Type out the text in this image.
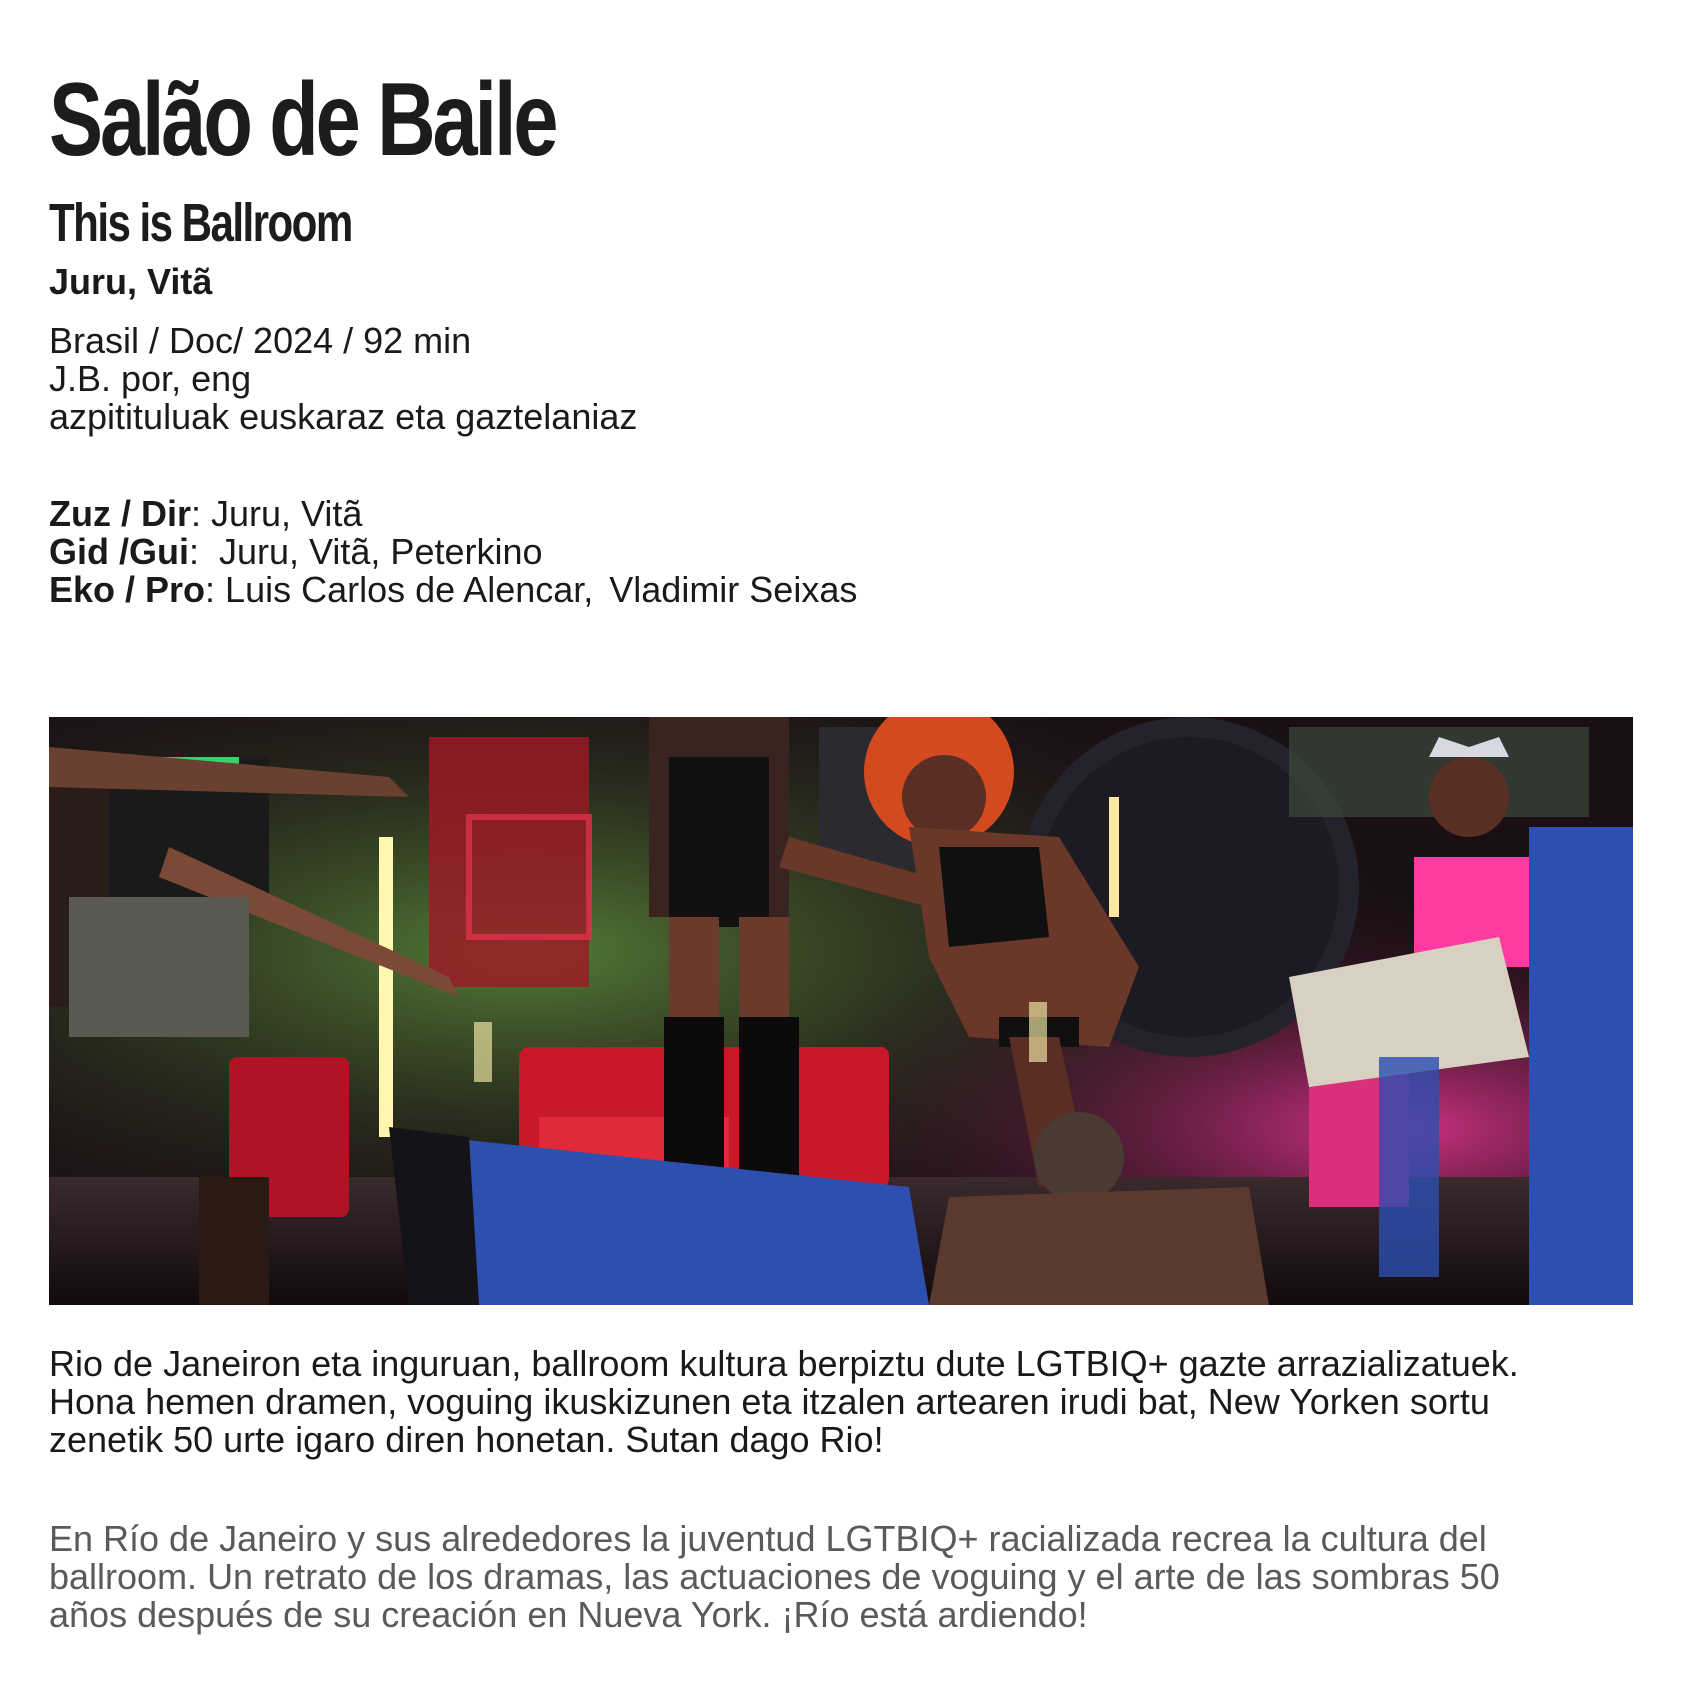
Salão de Baile
This is Ballroom
Juru, Vitã
Brasil / Doc/ 2024 / 92 min
J.B. por, eng
azpitituluak euskaraz eta gaztelaniaz
Zuz / Dir: Juru, Vitã
Gid /Gui:  Juru, Vitã, Peterkino
Eko / Pro: Luis Carlos de Alencar, Vladimir Seixas
Rio de Janeiron eta inguruan, ballroom kultura berpiztu dute LGTBIQ+ gazte arrazializatuek.
Hona hemen dramen, voguing ikuskizunen eta itzalen artearen irudi bat, New Yorken sortu
zenetik 50 urte igaro diren honetan. Sutan dago Rio!
En Río de Janeiro y sus alrededores la juventud LGTBIQ+ racializada recrea la cultura del
ballroom. Un retrato de los dramas, las actuaciones de voguing y el arte de las sombras 50
años después de su creación en Nueva York. ¡Río está ardiendo!
